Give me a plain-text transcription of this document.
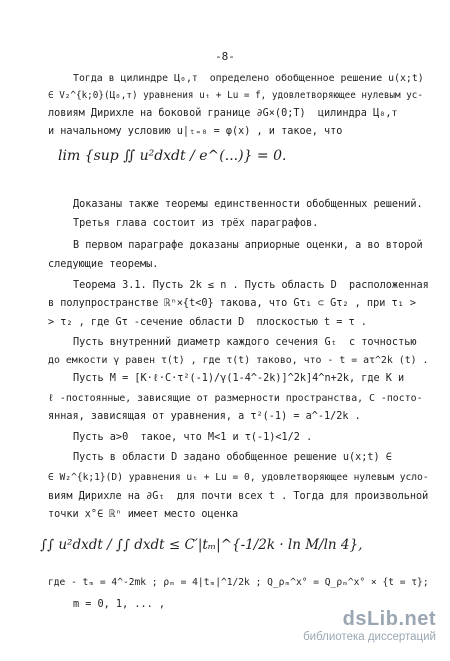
-8-
Тогда в цилиндре Ц₀,ᴛ  определено обобщенное решение u(x;t)
∈ V₂^{k;0}(Ц₀,ᴛ) уравнения uₜ + Lu = f, удовлетворяющее нулевым ус-
ловиям Дирихле на боковой границе ∂G×(0;T)  цилиндра Ц₀,ᴛ
и начальному условию u|ₜ₌₀ = φ(x) , и такое, что
lim {sup ∬ u²dxdt / e^(...)} = 0.
Доказаны также теоремы единственности обобщенных решений.
Третья глава состоит из трёх параграфов.
В первом параграфе доказаны априорные оценки, а во второй
следующие теоремы.
Теорема 3.1. Пусть 2k ≤ n . Пусть область D  расположенная
в полупространстве ℝⁿ×{t<0} такова, что Gτ₁ ⊂ Gτ₂ , при τ₁ >
> τ₂ , где Gτ -сечение области D  плоскостью t = τ .
Пусть внутренний диаметр каждого сечения Gₜ  с точностью
до емкости γ равен τ(t) , где τ(t) таково, что - t = aτ^2k (t) .
Пусть M = [K·ℓ·C·τ²(-1)/γ(1-4^-2k)]^2k]4^n+2k, где K и
ℓ -постоянные, зависящие от размерности пространства, C -посто-
янная, зависящая от уравнения, а τ²(-1) = a^-1/2k .
Пусть a>0  такое, что M<1 и τ(-1)<1/2 .
Пусть в области D задано обобщенное решение u(x;t) ∈
∈ W₂^{k;1}(D) уравнения uₜ + Lu = 0, удовлетворяющее нулевым усло-
виям Дирихле на ∂Gₜ  для почти всех t . Тогда для произвольной
точки x°∈ ℝⁿ имеет место оценка
∫∫ u²dxdt / ∫∫ dxdt ≤ C′|tₘ|^{-1/2k · ln M/ln 4},
где - tₘ = 4^-2mk ; ρₘ = 4|tₘ|^1/2k ; Q_ρₘ^x° = Q_ρₘ^x° × {t = τ};
m = 0, 1, ... ,
dsLib.net
библиотека диссертаций
